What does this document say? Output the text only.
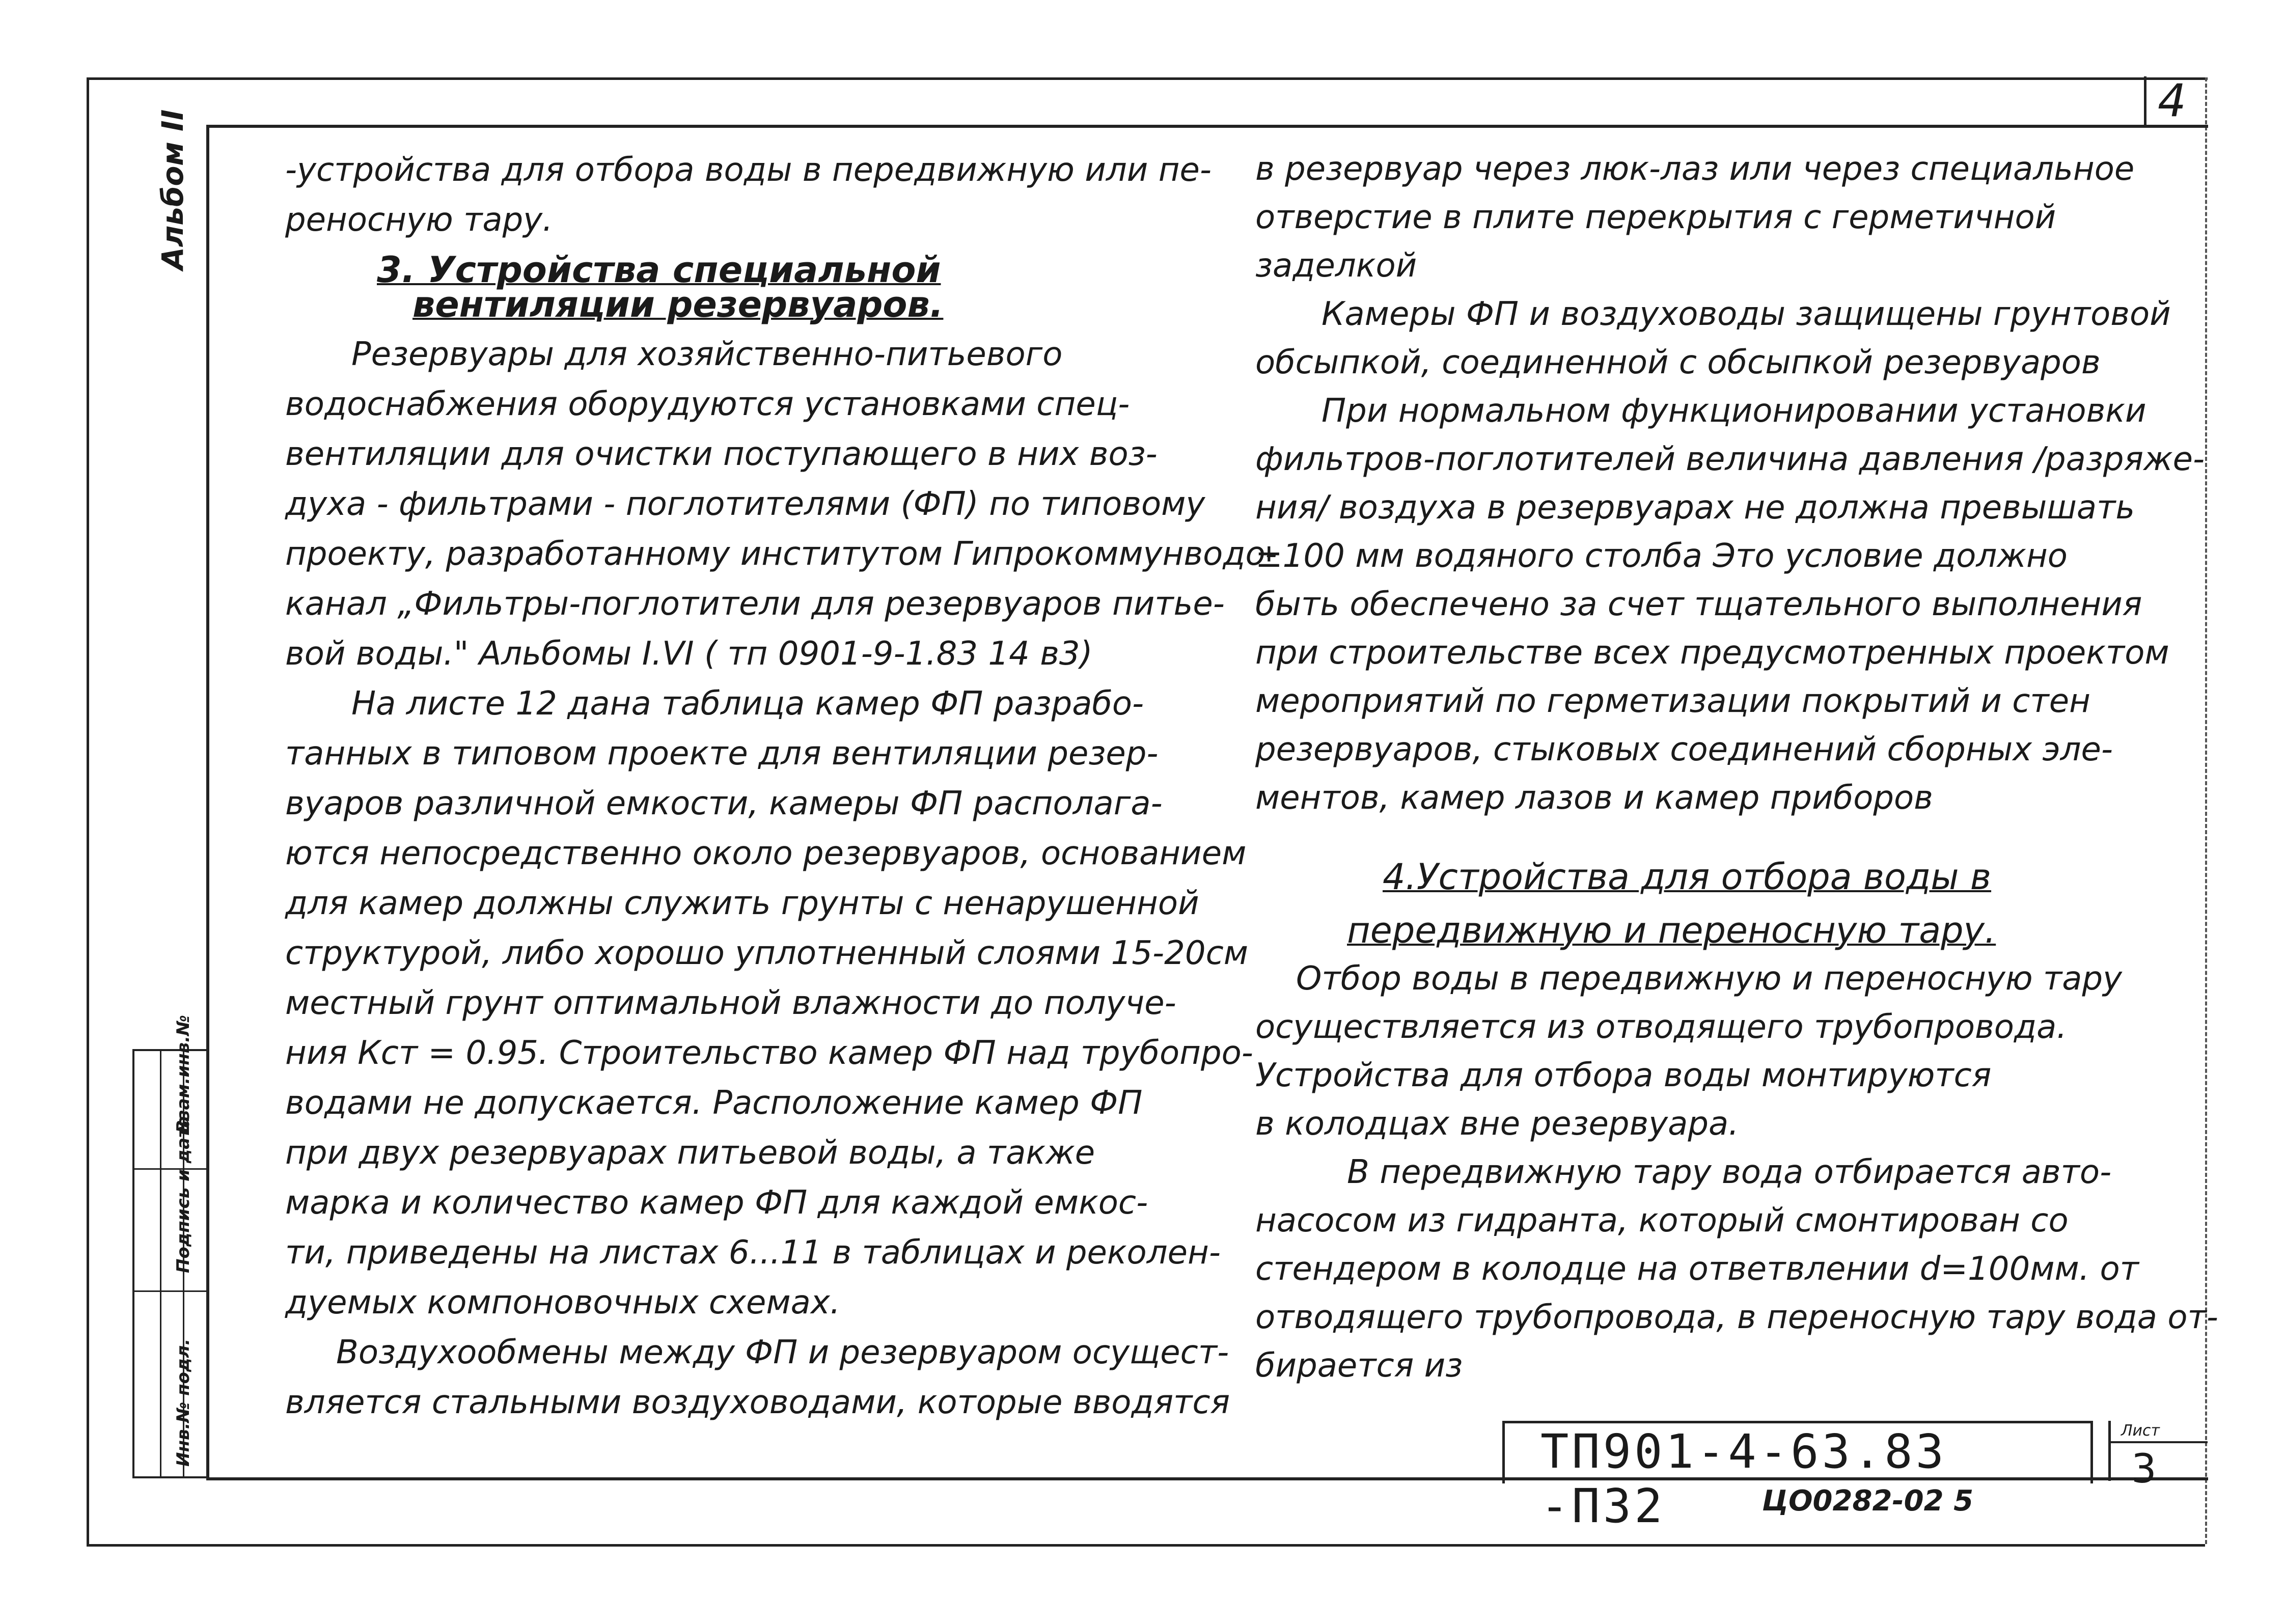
4
Альбом II
Взам.инв.№
Подпись и дата
Инв.№ подл.

-устройства для отбора воды в передвижную или пе-

реносную тару.

3. Устройства специальной

вентиляции резервуаров.

Резервуары для хозяйственно-питьевого

водоснабжения оборудуются установками спец-

вентиляции для очистки поступающего в них воз-

духа - фильтрами - поглотителями (ФП) по типовому

проекту, разработанному институтом Гипрокоммунводо-

канал „Фильтры-поглотители для резервуаров питье-

вой воды." Альбомы I.VI ( тп 0901-9-1.83 14 в3)

На листе 12 дана таблица камер ФП разрабо-

танных в типовом проекте для вентиляции резер-

вуаров различной емкости, камеры ФП располага-

ются непосредственно около резервуаров, основанием

для камер должны служить грунты с ненарушенной

структурой, либо хорошо уплотненный слоями 15-20см

местный грунт оптимальной влажности до получе-

ния Кст = 0.95. Строительство камер ФП над трубопро-

водами не допускается. Расположение камер ФП

при двух резервуарах питьевой воды, а также

марка и количество камер ФП для каждой емкос-

ти, приведены на листах 6...11 в таблицах и реколен-

дуемых компоновочных схемах.

Воздухообмены между ФП и резервуаром осущест-

вляется стальными воздуховодами, которые вводятся

в резервуар через люк-лаз или через специальное

отверстие в плите перекрытия с герметичной

заделкой

Камеры ФП и воздуховоды защищены грунтовой

обсыпкой, соединенной с обсыпкой резервуаров

При нормальном функционировании установки

фильтров-поглотителей величина давления /разряже-

ния/ воздуха в резервуарах не должна превышать

±100 мм водяного столба Это условие должно

быть обеспечено за счет тщательного выполнения

при строительстве всех предусмотренных проектом

мероприятий по герметизации покрытий и стен

резервуаров, стыковых соединений сборных эле-

ментов, камер лазов и камер приборов

4.Устройства для отбора воды в

передвижную и переносную тару.

Отбор воды в передвижную и переносную тару

осуществляется из отводящего трубопровода.

Устройства для отбора воды монтируются

в колодцах вне резервуара.

В передвижную тару вода отбирается авто-

насосом из гидранта, который смонтирован со

стендером в колодце на ответвлении d=100мм. от

отводящего трубопровода, в переносную тару вода от-

бирается из

ТП901-4-63.83 -П32
Лист
3
ЦО0282-02 5
